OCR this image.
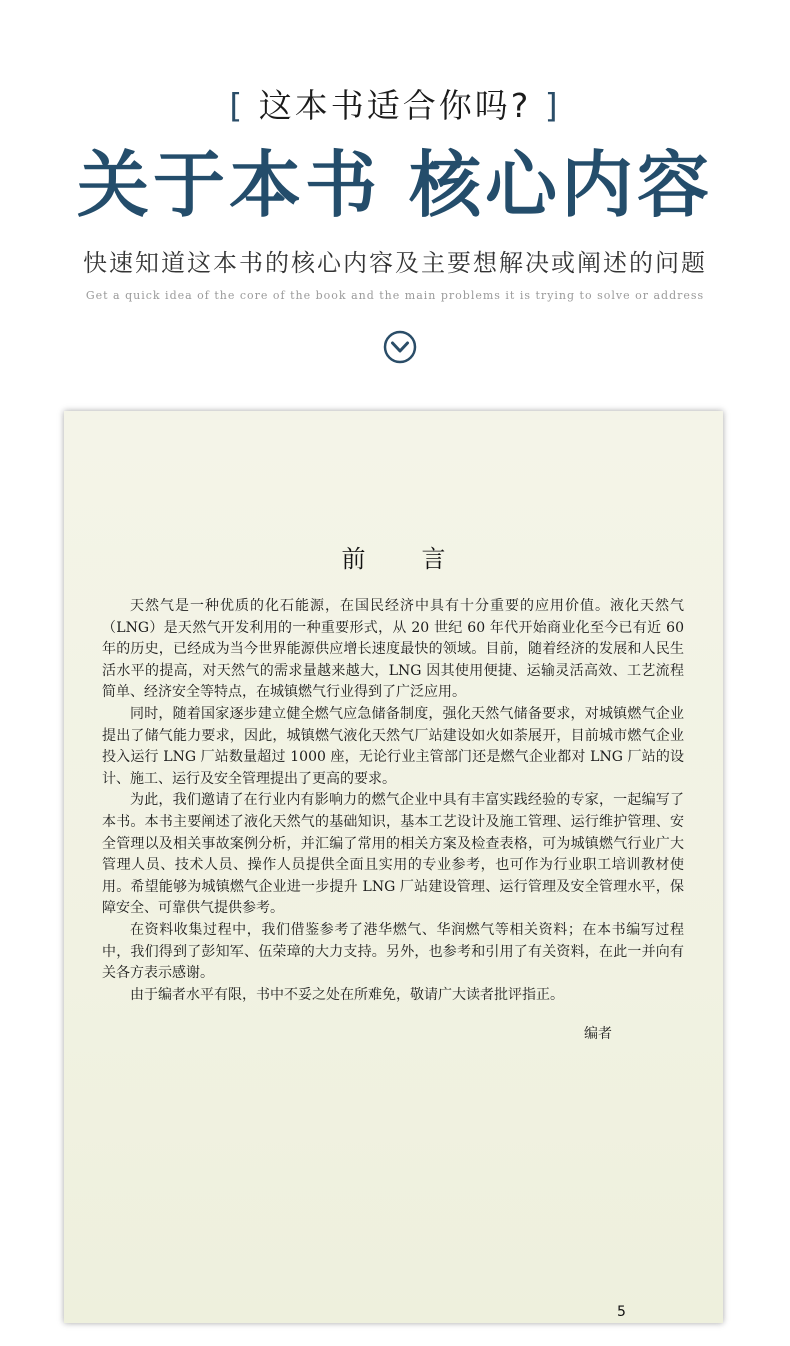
[ 这本书适合你吗? ]
关于本书 核心内容
快速知道这本书的核心内容及主要想解决或阐述的问题
Get a quick idea of the core of the book and the main problems it is trying to solve or address
前言

天然气是一种优质的化石能源，在国民经济中具有十分重要的应用价值。液化天然气（LNG）是天然气开发利用的一种重要形式，从 20 世纪 60 年代开始商业化至今已有近 60 年的历史，已经成为当今世界能源供应增长速度最快的领域。目前，随着经济的发展和人民生活水平的提高，对天然气的需求量越来越大，LNG 因其使用便捷、运输灵活高效、工艺流程简单、经济安全等特点，在城镇燃气行业得到了广泛应用。

同时，随着国家逐步建立健全燃气应急储备制度，强化天然气储备要求，对城镇燃气企业提出了储气能力要求，因此，城镇燃气液化天然气厂站建设如火如荼展开，目前城市燃气企业投入运行 LNG 厂站数量超过 1000 座，无论行业主管部门还是燃气企业都对 LNG 厂站的设计、施工、运行及安全管理提出了更高的要求。

为此，我们邀请了在行业内有影响力的燃气企业中具有丰富实践经验的专家，一起编写了本书。本书主要阐述了液化天然气的基础知识，基本工艺设计及施工管理、运行维护管理、安全管理以及相关事故案例分析，并汇编了常用的相关方案及检查表格，可为城镇燃气行业广大管理人员、技术人员、操作人员提供全面且实用的专业参考，也可作为行业职工培训教材使用。希望能够为城镇燃气企业进一步提升 LNG 厂站建设管理、运行管理及安全管理水平，保障安全、可靠供气提供参考。

在资料收集过程中，我们借鉴参考了港华燃气、华润燃气等相关资料；在本书编写过程中，我们得到了彭知军、伍荣璋的大力支持。另外，也参考和引用了有关资料，在此一并向有关各方表示感谢。

由于编者水平有限，书中不妥之处在所难免，敬请广大读者批评指正。

编者
5
